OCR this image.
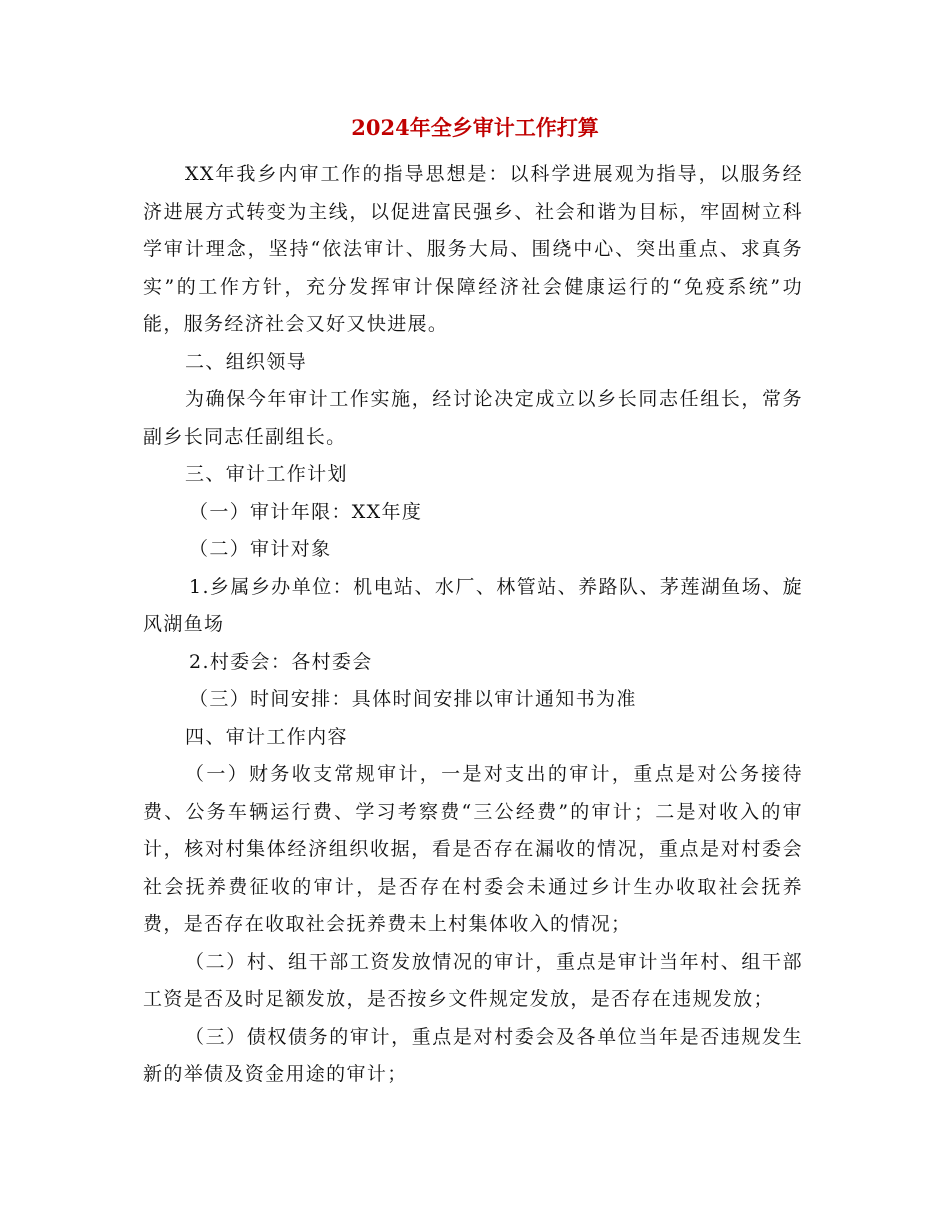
2024年全乡审计工作打算

XX年我乡内审工作的指导思想是：以科学进展观为指导，以服务经济进展方式转变为主线，以促进富民强乡、社会和谐为目标，牢固树立科学审计理念，坚持“依法审计、服务大局、围绕中心、突出重点、求真务实”的工作方针，充分发挥审计保障经济社会健康运行的“免疫系统”功能，服务经济社会又好又快进展。

二、组织领导

为确保今年审计工作实施，经讨论决定成立以乡长同志任组长，常务副乡长同志任副组长。

三、审计工作计划

（一）审计年限：XX年度

（二）审计对象

1.乡属乡办单位：机电站、水厂、林管站、养路队、茅莲湖鱼场、旋风湖鱼场

2.村委会：各村委会

（三）时间安排：具体时间安排以审计通知书为准

四、审计工作内容

（一）财务收支常规审计，一是对支出的审计，重点是对公务接待费、公务车辆运行费、学习考察费“三公经费”的审计；二是对收入的审计，核对村集体经济组织收据，看是否存在漏收的情况，重点是对村委会社会抚养费征收的审计，是否存在村委会未通过乡计生办收取社会抚养费，是否存在收取社会抚养费未上村集体收入的情况；

（二）村、组干部工资发放情况的审计，重点是审计当年村、组干部工资是否及时足额发放，是否按乡文件规定发放，是否存在违规发放；

（三）债权债务的审计，重点是对村委会及各单位当年是否违规发生新的举债及资金用途的审计；
